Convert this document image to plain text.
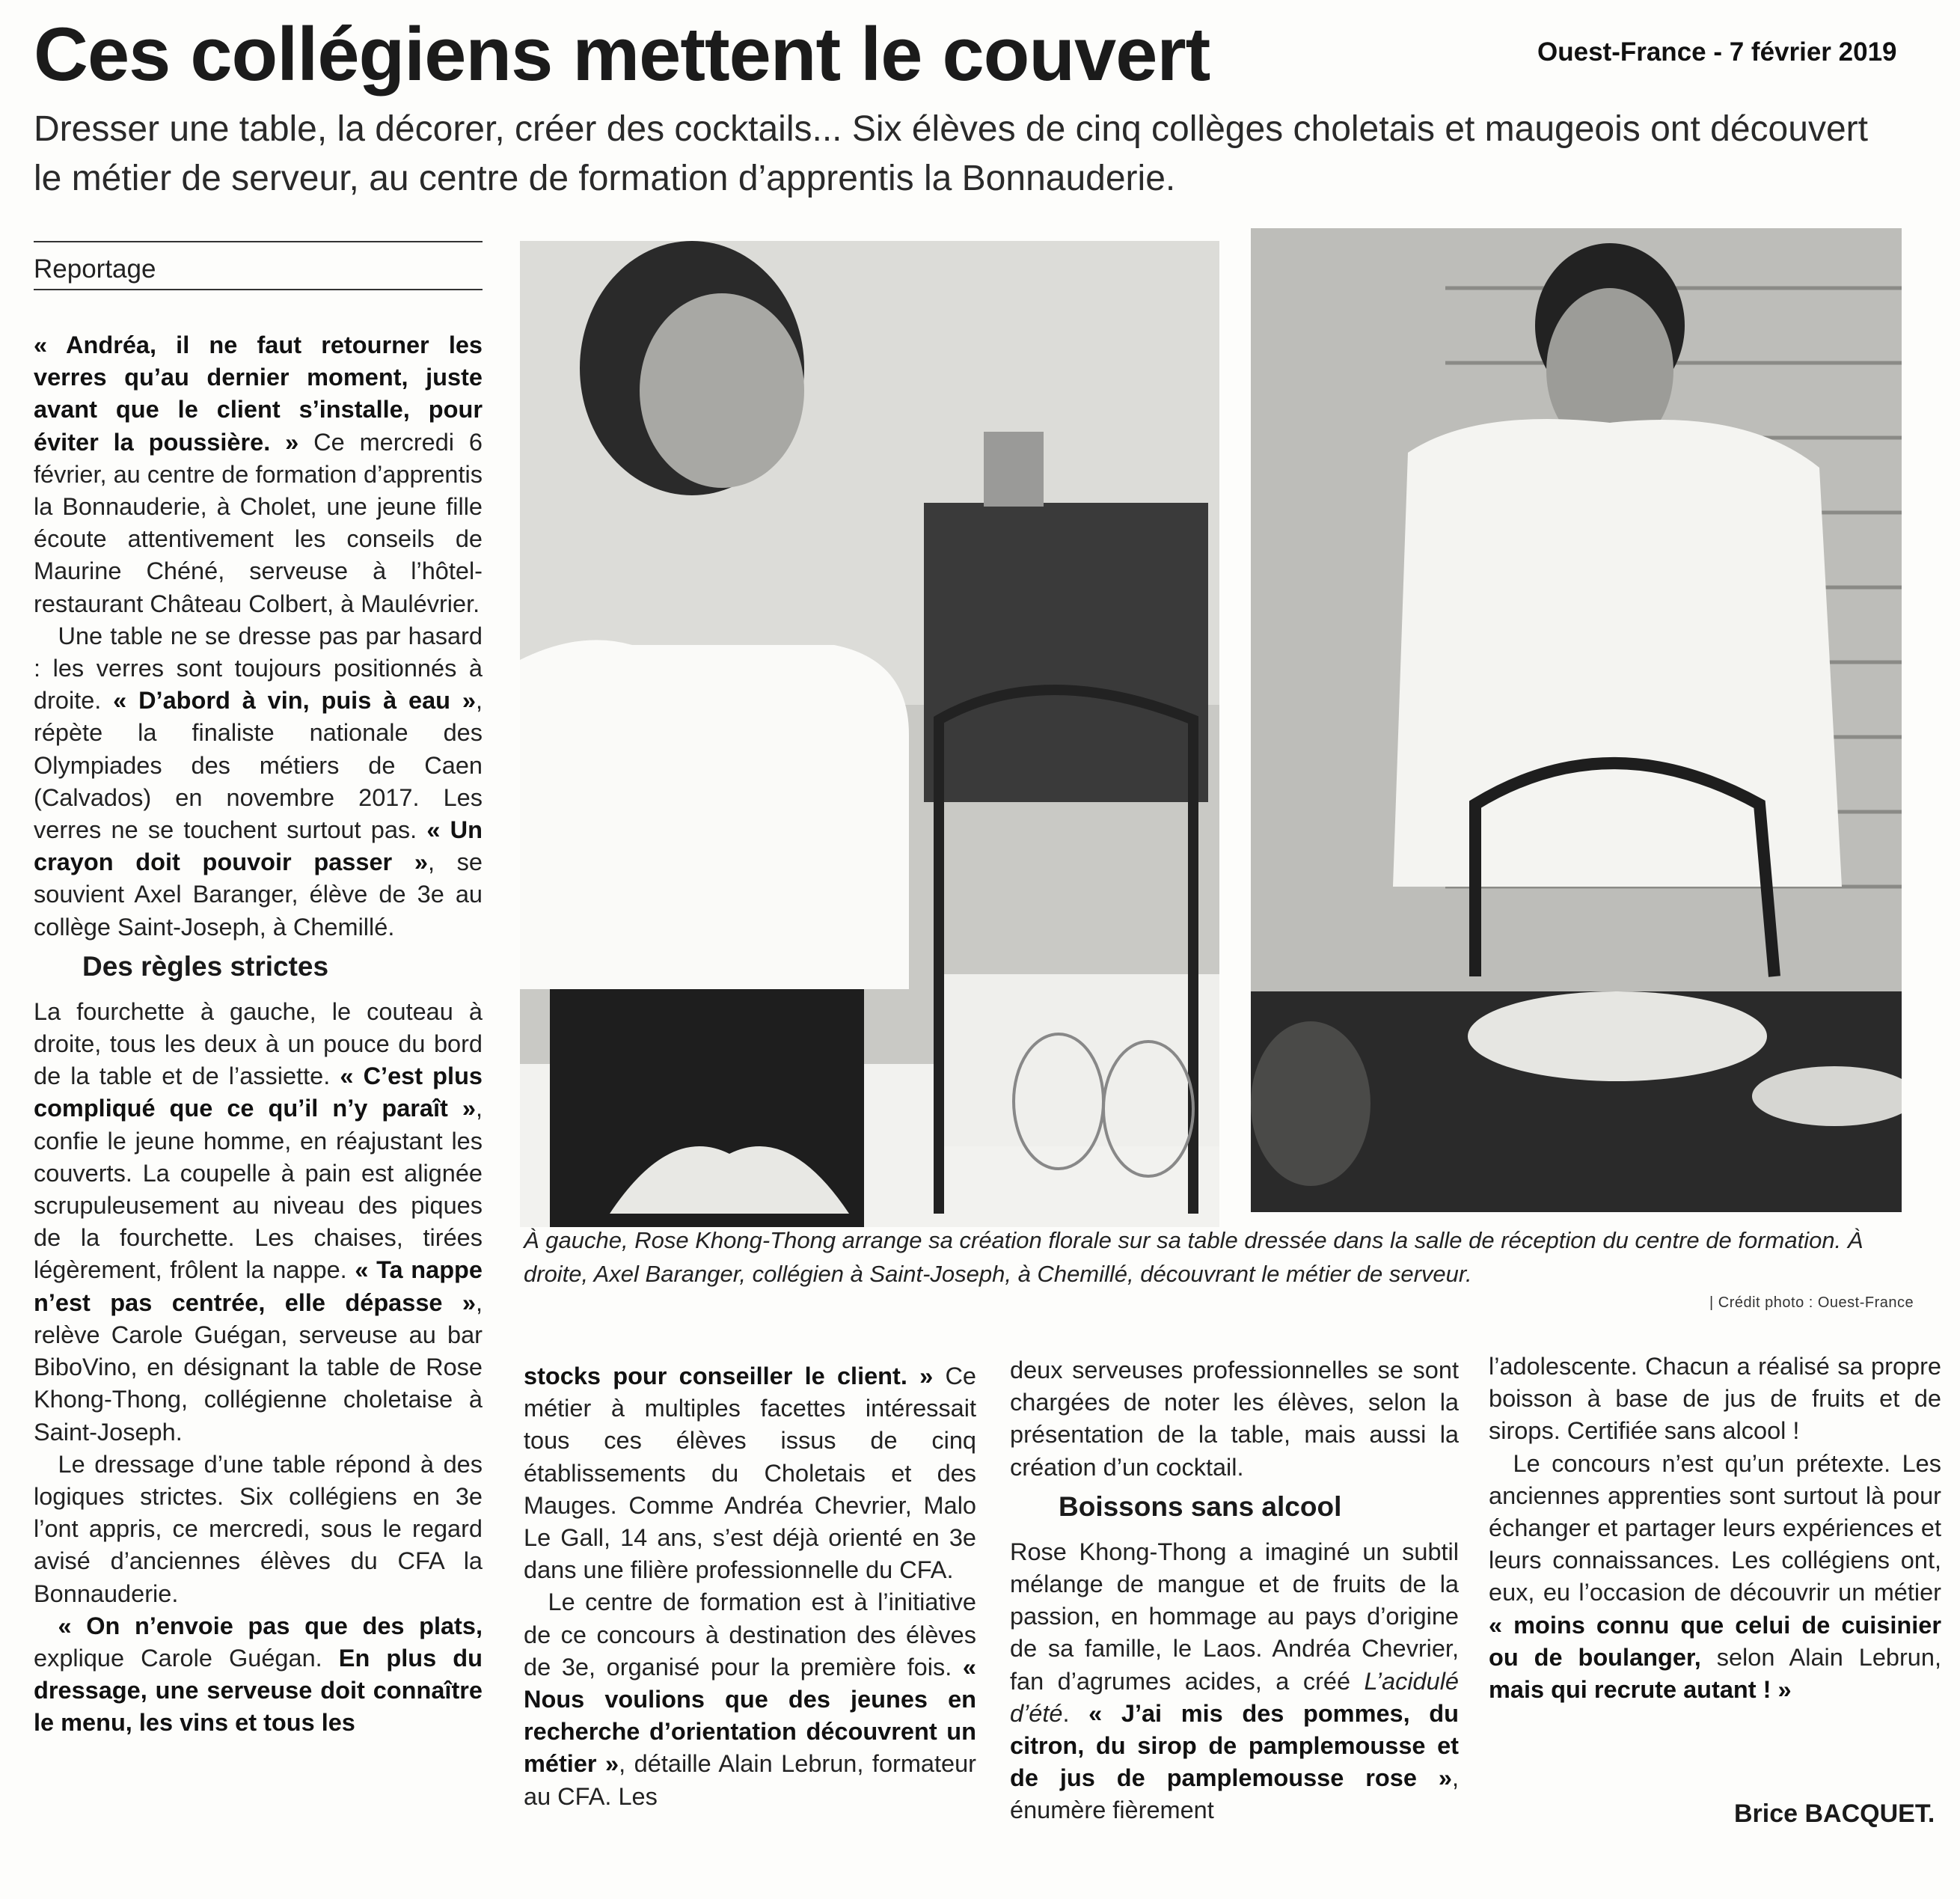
Ces collégiens mettent le couvert	Ouest-France - 7 février 2019

Dresser une table, la décorer, créer des cocktails... Six élèves de cinq collèges choletais et maugeois ont découvert le métier de serveur, au centre de formation d’apprentis la Bonnauderie.

Reportage

« Andréa, il ne faut retourner les verres qu’au dernier moment, juste avant que le client s’installe, pour éviter la poussière. » Ce mercredi 6 février, au centre de formation d’apprentis la Bonnauderie, à Cholet, une jeune fille écoute attentivement les conseils de Maurine Chéné, serveuse à l’hôtel-restaurant Château Colbert, à Maulévrier.

Une table ne se dresse pas par hasard : les verres sont toujours positionnés à droite. « D’abord à vin, puis à eau », répète la finaliste nationale des Olympiades des métiers de Caen (Calvados) en novembre 2017. Les verres ne se touchent surtout pas. « Un crayon doit pouvoir passer », se souvient Axel Baranger, élève de 3e au collège Saint-Joseph, à Chemillé.

Des règles strictes

La fourchette à gauche, le couteau à droite, tous les deux à un pouce du bord de la table et de l’assiette. « C’est plus compliqué que ce qu’il n’y paraît », confie le jeune homme, en réajustant les couverts. La coupelle à pain est alignée scrupuleusement au niveau des piques de la fourchette. Les chaises, tirées légèrement, frôlent la nappe. « Ta nappe n’est pas centrée, elle dépasse », relève Carole Guégan, serveuse au bar BiboVino, en désignant la table de Rose Khong-Thong, collégienne choletaise à Saint-Joseph.

Le dressage d’une table répond à des logiques strictes. Six collégiens en 3e l’ont appris, ce mercredi, sous le regard avisé d’anciennes élèves du CFA la Bonnauderie.

« On n’envoie pas que des plats, explique Carole Guégan. En plus du dressage, une serveuse doit connaître le menu, les vins et tous les

À gauche, Rose Khong-Thong arrange sa création florale sur sa table dressée dans la salle de réception du centre de formation. À droite, Axel Baranger, collégien à Saint-Joseph, à Chemillé, découvrant le métier de serveur.

| Crédit photo : Ouest-France

stocks pour conseiller le client. » Ce métier à multiples facettes intéressait tous ces élèves issus de cinq établissements du Choletais et des Mauges. Comme Andréa Chevrier, Malo Le Gall, 14 ans, s’est déjà orienté en 3e dans une filière professionnelle du CFA.

Le centre de formation est à l’initiative de ce concours à destination des élèves de 3e, organisé pour la première fois. « Nous voulions que des jeunes en recherche d’orientation découvrent un métier », détaille Alain Lebrun, formateur au CFA. Les

deux serveuses professionnelles se sont chargées de noter les élèves, selon la présentation de la table, mais aussi la création d’un cocktail.

Boissons sans alcool

Rose Khong-Thong a imaginé un subtil mélange de mangue et de fruits de la passion, en hommage au pays d’origine de sa famille, le Laos. Andréa Chevrier, fan d’agrumes acides, a créé L’acidulé d’été. « J’ai mis des pommes, du citron, du sirop de pamplemousse et de jus de pamplemousse rose », énumère fièrement

l’adolescente. Chacun a réalisé sa propre boisson à base de jus de fruits et de sirops. Certifiée sans alcool !

Le concours n’est qu’un prétexte. Les anciennes apprenties sont surtout là pour échanger et partager leurs expériences et leurs connaissances. Les collégiens ont, eux, eu l’occasion de découvrir un métier « moins connu que celui de cuisinier ou de boulanger, selon Alain Lebrun, mais qui recrute autant ! »

Brice BACQUET.
